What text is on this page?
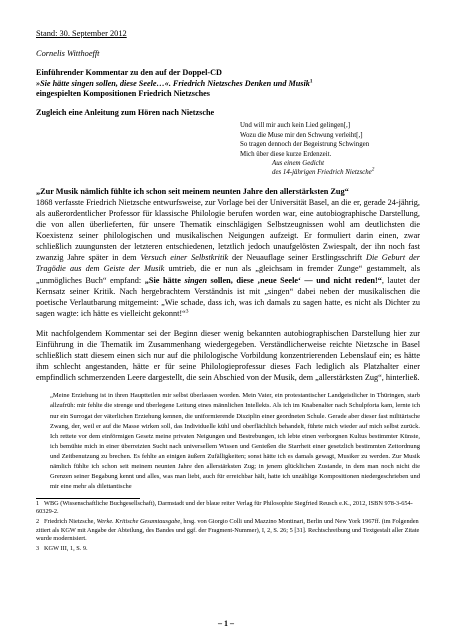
Stand: 30. September 2012

Cornelis Witthoefft

Einführender Kommentar zu den auf der Doppel-CD
»Sie hätte singen sollen, diese Seele…«. Friedrich Nietzsches Denken und Musik$^1$
eingespielten Kompositionen Friedrich Nietzsches

Zugleich eine Anleitung zum Hören nach Nietzsche

Und will mir auch kein Lied gelingen[,]
Wozu die Muse mir den Schwung verleiht[,]
So tragen dennoch der Begeistrung Schwingen
Mich über diese kurze Erdenzeit.
Aus einem Gedicht
des 14-jährigen Friedrich Nietzsche$^2$

„Zur Musik nämlich fühlte ich schon seit meinem neunten Jahre den allerstärksten Zug“
1868 verfasste Friedrich Nietzsche entwurfsweise, zur Vorlage bei der Universität Basel, an die er, gerade 24-jährig, als außerordentlicher Professor für klassische Philologie berufen worden war, eine autobiographische Darstellung, die von allen überlieferten, für unsere Thematik einschlägigen Selbstzeugnissen wohl am deutlichsten die Koexistenz seiner philologischen und musikalischen Neigungen aufzeigt. Er formuliert darin einen, zwar schließlich zuungunsten der letzteren entschiedenen, letztlich jedoch unaufgelösten Zwiespalt, der ihn noch fast zwanzig Jahre später in dem Versuch einer Selbstkritik der Neuauflage seiner Erstlingsschrift Die Geburt der Tragödie aus dem Geiste der Musik umtrieb, die er nun als „gleichsam in fremder Zunge“ gestammelt, als „unmögliches Buch“ empfand: „Sie hätte singen sollen, diese ‚neue Seele‘ — und nicht reden!“, lautet der Kernsatz seiner Kritik. Nach hergebrachtem Verständnis ist mit „singen“ dabei neben der musikalischen die poetische Verlautbarung mitgemeint: „Wie schade, dass ich, was ich damals zu sagen hatte, es nicht als Dichter zu sagen wagte: ich hätte es vielleicht gekonnt!“$^3$

Mit nachfolgendem Kommentar sei der Beginn dieser wenig bekannten autobiographischen Darstellung hier zur Einführung in die Thematik im Zusammenhang wiedergegeben. Verständlicherweise reichte Nietzsche in Basel schließlich statt diesem einen sich nur auf die philologische Vorbildung konzentrierenden Lebenslauf ein; es hätte ihm schlecht angestanden, hätte er für seine Philologieprofessur dieses Fach lediglich als Platzhalter einer empfindlich schmerzenden Leere dargestellt, die sein Abschied von der Musik, dem „allerstärksten Zug“, hinterließ.

„Meine Erziehung ist in ihren Hauptteilen mir selbst überlassen worden. Mein Vater, ein protestantischer Landgeistlicher in Thüringen, starb allzufrüh: mir fehlte die strenge und überlegene Leitung eines männlichen Intellekts. Als ich im Knabenalter nach Schulpforta kam, lernte ich nur ein Surrogat der väterlichen Erziehung kennen, die uniformierende Disziplin einer geordneten Schule. Gerade aber dieser fast militärische Zwang, der, weil er auf die Masse wirken soll, das Individuelle kühl und oberflächlich behandelt, führte mich wieder auf mich selbst zurück. Ich rettete vor dem einförmigen Gesetz meine privaten Neigungen und Bestrebungen, ich lebte einen verborgnen Kultus bestimmter Künste, ich bemühte mich in einer überreizten Sucht nach universellem Wissen und Genießen die Starrheit einer gesetzlich bestimmten Zeitordnung und Zeitbenutzung zu brechen. Es fehlte an einigen äußern Zufälligkeiten; sonst hätte ich es damals gewagt, Musiker zu werden. Zur Musik nämlich fühlte ich schon seit meinem neunten Jahre den allerstärksten Zug; in jenem glücklichen Zustande, in dem man noch nicht die Grenzen seiner Begabung kennt und alles, was man liebt, auch für erreichbar hält, hatte ich unzählige Kompositionen niedergeschrieben und mir eine mehr als dilettantische

1 WBG (Wissenschaftliche Buchgesellschaft), Darmstadt und der blaue reiter Verlag für Philosophie Siegfried Reusch e.K., 2012, ISBN 978-3-654-60329-2.
2 Friedrich Nietzsche, Werke. Kritische Gesamtausgabe, hrsg. von Giorgio Colli und Mazzino Montinari, Berlin und New York 1967ff. (im Folgenden zitiert als KGW mit Angabe der Abteilung, des Bandes und ggf. der Fragment-Nummer), I, 2, S. 26; 5 [31]. Rechtschreibung und Textgestalt aller Zitate wurde modernisiert.
3 KGW III, 1, S. 9.
– 1 –
